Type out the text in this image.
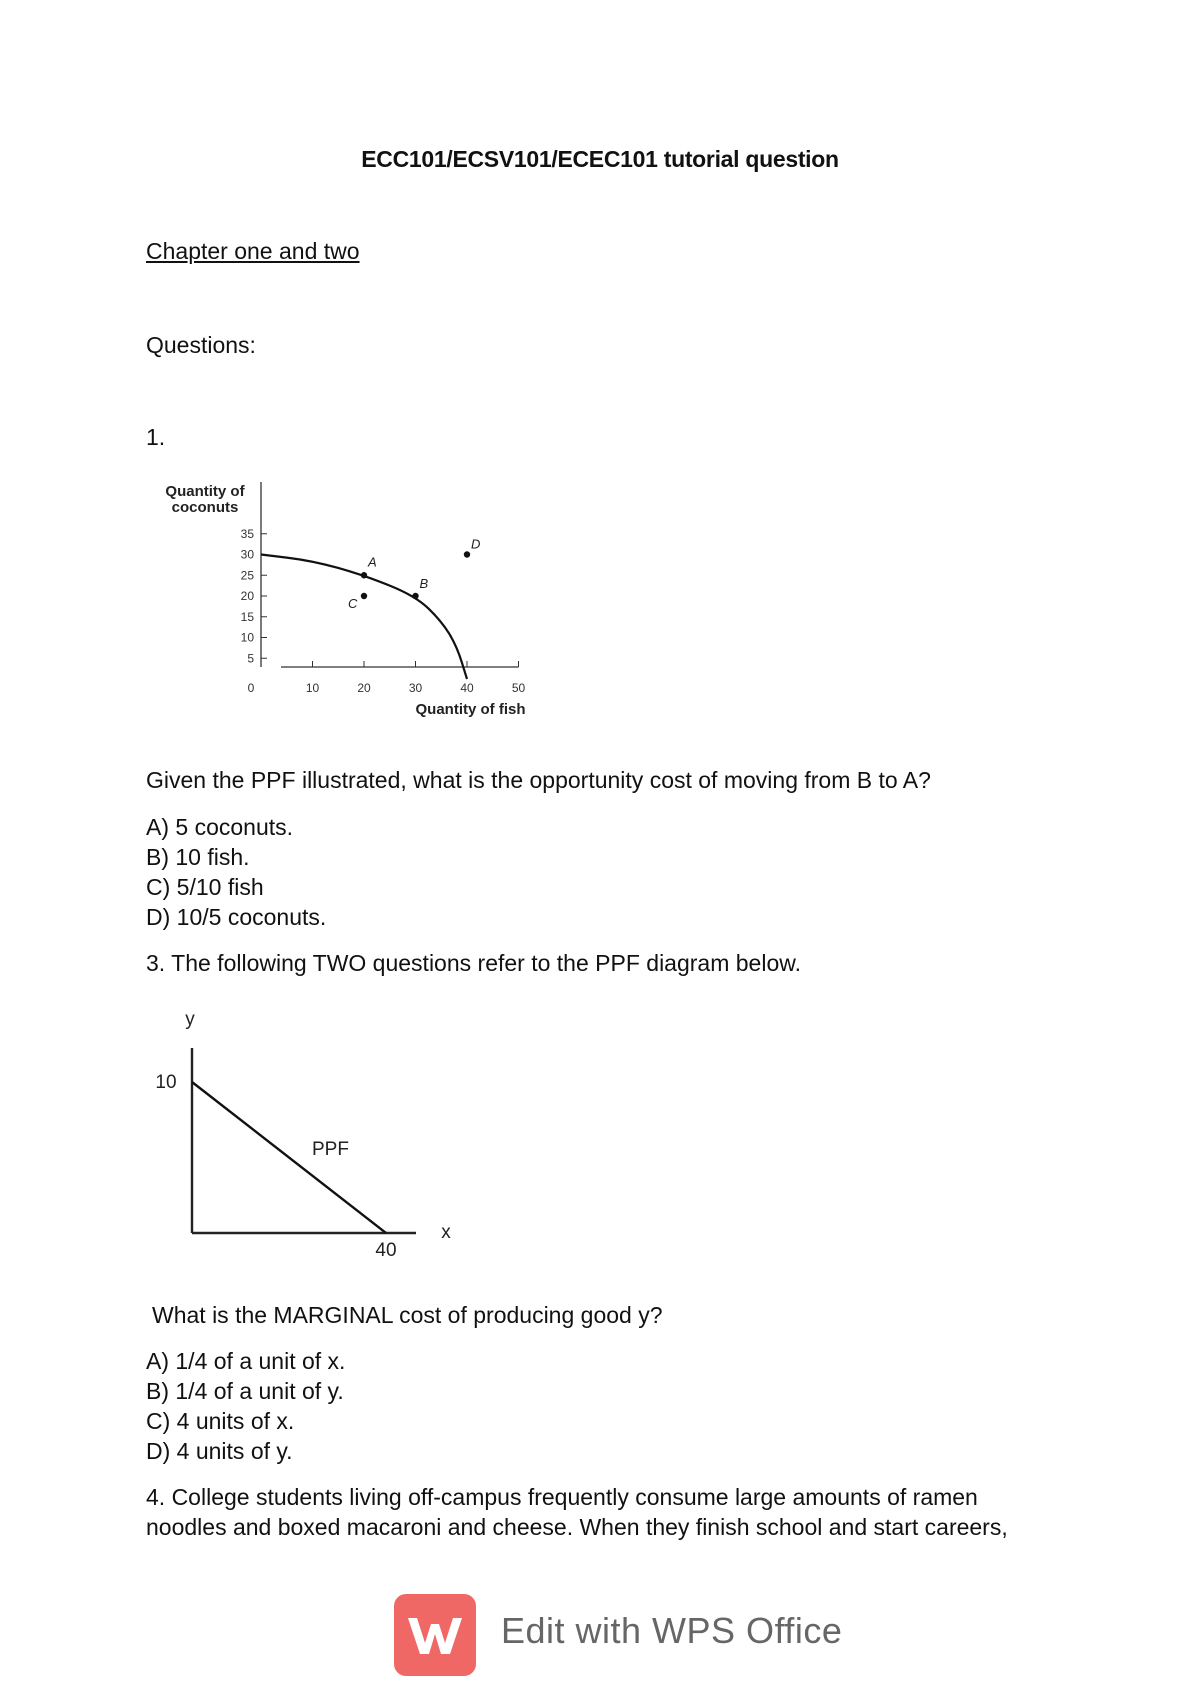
ECC101/ECSV101/ECEC101 tutorial question
Chapter one and two
Questions:
1.
Quantity of
coconuts
5
10
15
20
25
30
35
0	10	20	30	40	50
Quantity of fish
A
B
C
D
Given the PPF illustrated, what is the opportunity cost of moving from B to A?
A) 5 coconuts.
B) 10 fish.
C) 5/10 fish
D) 10/5 coconuts.
3. The following TWO questions refer to the PPF diagram below.
y
x
10
40
PPF
What is the MARGINAL cost of producing good y?
A) 1/4 of a unit of x.
B) 1/4 of a unit of y.
C) 4 units of x.
D) 4 units of y.
4. College students living off-campus frequently consume large amounts of ramen
noodles and boxed macaroni and cheese. When they finish school and start careers,
Edit with WPS Office
